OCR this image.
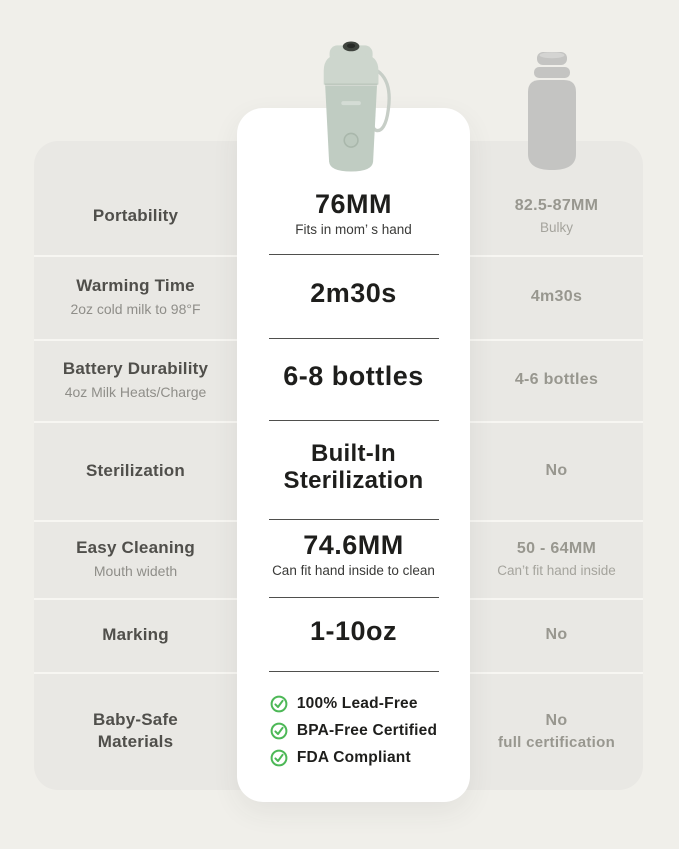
Portability
Warming Time
2oz cold milk to 98°F
Battery Durability
4oz Milk Heats/Charge
Sterilization
Easy Cleaning
Mouth wideth
Marking
Baby-Safe
Materials
76MM
Fits in mom’ s hand
2m30s
6-8 bottles
Built-In
Sterilization
74.6MM
Can fit hand inside to clean
1-10oz
100% Lead-Free
BPA-Free Certified
FDA Compliant
82.5-87MM
Bulky
4m30s
4-6 bottles
No
50 - 64MM
Can’t fit hand inside
No
No
full certification
